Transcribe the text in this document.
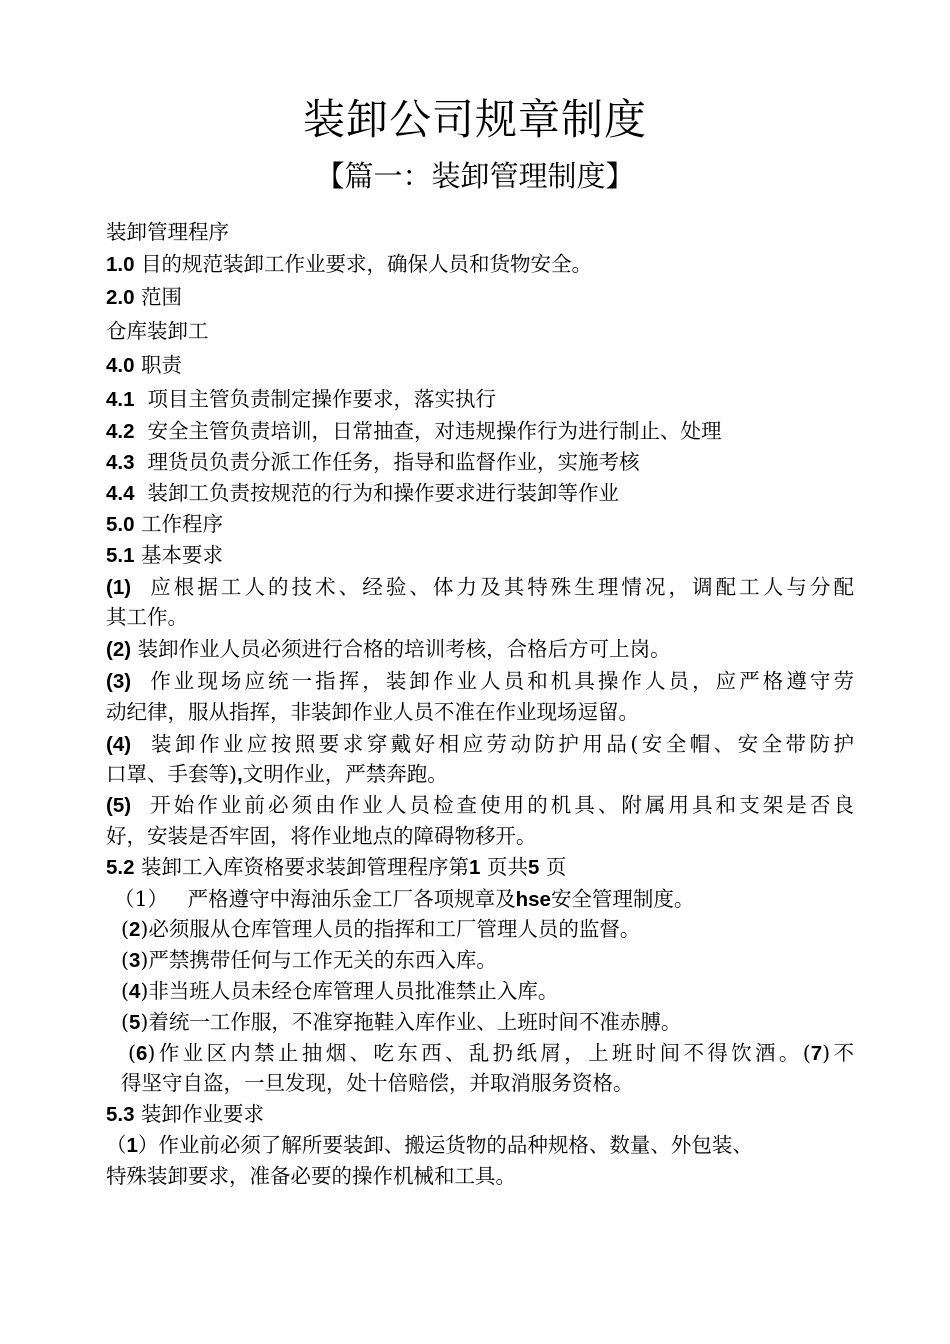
装卸公司规章制度
【篇一：装卸管理制度】
装卸管理程序
1.0 目的规范装卸工作业要求，确保人员和货物安全。
2.0 范围
仓库装卸工
4.0 职责
4.1 项目主管负责制定操作要求，落实执行
4.2 安全主管负责培训，日常抽查，对违规操作行为进行制止、处理
4.3 理货员负责分派工作任务，指导和监督作业，实施考核
4.4 装卸工负责按规范的行为和操作要求进行装卸等作业
5.0 工作程序
5.1 基本要求
(1) 应根据工人的技术、经验、体力及其特殊生理情况，调配工人与分配
其工作。
(2) 装卸作业人员必须进行合格的培训考核，合格后方可上岗。
(3) 作业现场应统一指挥，装卸作业人员和机具操作人员，应严格遵守劳
动纪律，服从指挥，非装卸作业人员不准在作业现场逗留。
(4) 装卸作业应按照要求穿戴好相应劳动防护用品(安全帽、安全带防护
口罩、手套等),文明作业，严禁奔跑。
(5) 开始作业前必须由作业人员检查使用的机具、附属用具和支架是否良
好，安装是否牢固，将作业地点的障碍物移开。
5.2 装卸工入库资格要求装卸管理程序第1 页共5 页
（1） 严格遵守中海油乐金工厂各项规章及hse安全管理制度。
(2)必须服从仓库管理人员的指挥和工厂管理人员的监督。
(3)严禁携带任何与工作无关的东西入库。
(4)非当班人员未经仓库管理人员批准禁止入库。
(5)着统一工作服，不准穿拖鞋入库作业、上班时间不准赤膊。
(6)作业区内禁止抽烟、吃东西、乱扔纸屑，上班时间不得饮酒。(7)不
得坚守自盗，一旦发现，处十倍赔偿，并取消服务资格。
5.3 装卸作业要求
（1）作业前必须了解所要装卸、搬运货物的品种规格、数量、外包装、
特殊装卸要求，准备必要的操作机械和工具。
